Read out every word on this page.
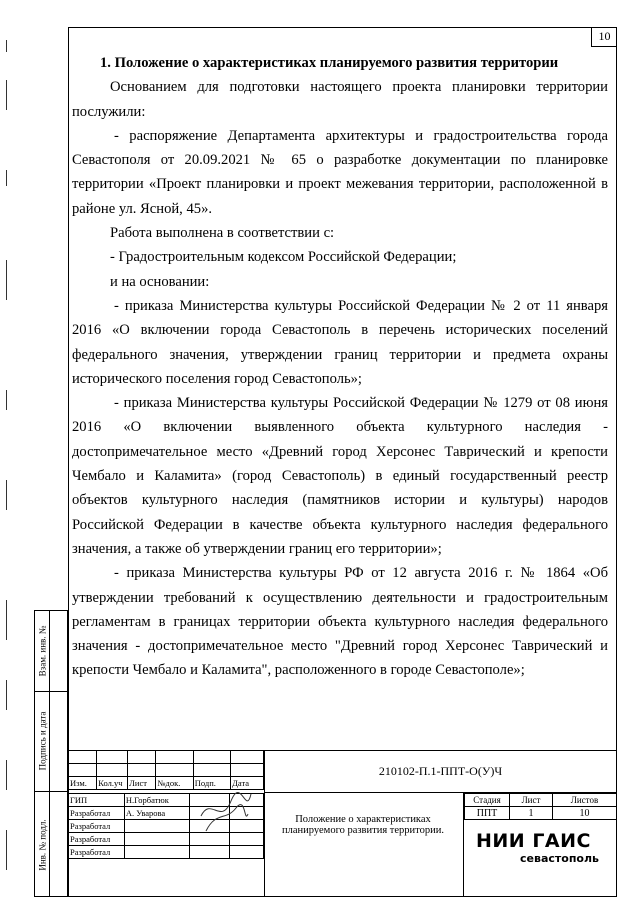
10

1. Положение о характеристиках планируемого развития территории

Основанием для подготовки настоящего проекта планировки территории послужили:

- распоряжение Департамента архитектуры и градостроительства города Севастополя от 20.09.2021 № 65 о разработке документации по планировке территории «Проект планировки и проект межевания территории, расположенной в районе ул. Ясной, 45».

Работа выполнена в соответствии с:

- Градостроительным кодексом Российской Федерации;

и на основании:

- приказа Министерства культуры Российской Федерации № 2 от 11 января 2016 «О включении города Севастополь в перечень исторических поселений федерального значения, утверждении границ территории и предмета охраны исторического поселения город Севастополь»;

- приказа Министерства культуры Российской Федерации № 1279 от 08 июня 2016 «О включении выявленного объекта культурного наследия - достопримечательное место «Древний город Херсонес Таврический и крепости Чембало и Каламита» (город Севастополь) в единый государственный реестр объектов культурного наследия (памятников истории и культуры) народов Российской Федерации в качестве объекта культурного наследия федерального значения, а также об утверждении границ его территории»;

- приказа Министерства культуры РФ от 12 августа 2016 г. № 1864 «Об утверждении требований к осуществлению деятельности и градостроительным регламентам в границах территории объекта культурного наследия федерального значения - достопримечательное место "Древний город Херсонес Таврический и крепости Чембало и Каламита", расположенного в городе Севастополе»;

Взам. инв. №
Подпись и дата
Инв. № подл.

Изм.	Кол.уч	Лист	№док.	Подп.	Дата
ГИП	Н.Горбатюк		
Разработал	А. Уварова		
Разработал			
Разработал			
Разработал			
210102-П.1-ППТ-О(У)Ч
Положение о характеристиках планируемого развития территории.
Стадия	Лист	Листов
ППТ	1	10
НИИ ГАИС
севастополь
